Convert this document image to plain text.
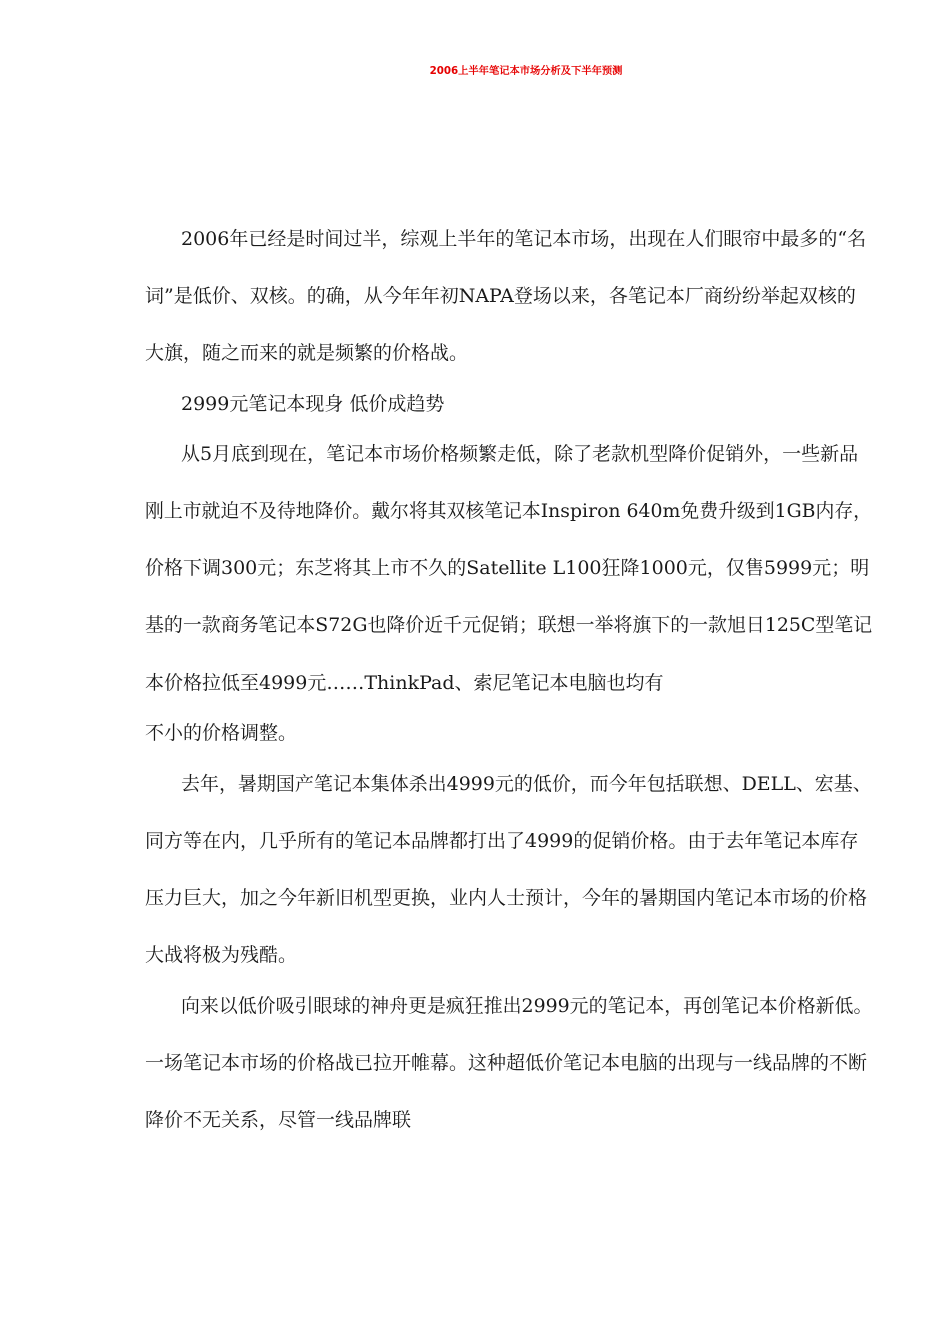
2006上半年笔记本市场分析及下半年预测
2006年已经是时间过半，综观上半年的笔记本市场，出现在人们眼帘中最多的“名
词”是低价、双核。的确，从今年年初NAPA登场以来，各笔记本厂商纷纷举起双核的
大旗，随之而来的就是频繁的价格战。
2999元笔记本现身 低价成趋势
从5月底到现在，笔记本市场价格频繁走低，除了老款机型降价促销外，一些新品
刚上市就迫不及待地降价。戴尔将其双核笔记本Inspiron 640m免费升级到1GB内存，
价格下调300元；东芝将其上市不久的Satellite L100狂降1000元，仅售5999元；明
基的一款商务笔记本S72G也降价近千元促销；联想一举将旗下的一款旭日125C型笔记
本价格拉低至4999元……ThinkPad、索尼笔记本电脑也均有
不小的价格调整。
去年，暑期国产笔记本集体杀出4999元的低价，而今年包括联想、DELL、宏基、
同方等在内，几乎所有的笔记本品牌都打出了4999的促销价格。由于去年笔记本库存
压力巨大，加之今年新旧机型更换，业内人士预计，今年的暑期国内笔记本市场的价格
大战将极为残酷。
向来以低价吸引眼球的神舟更是疯狂推出2999元的笔记本，再创笔记本价格新低。
一场笔记本市场的价格战已拉开帷幕。这种超低价笔记本电脑的出现与一线品牌的不断
降价不无关系，尽管一线品牌联
